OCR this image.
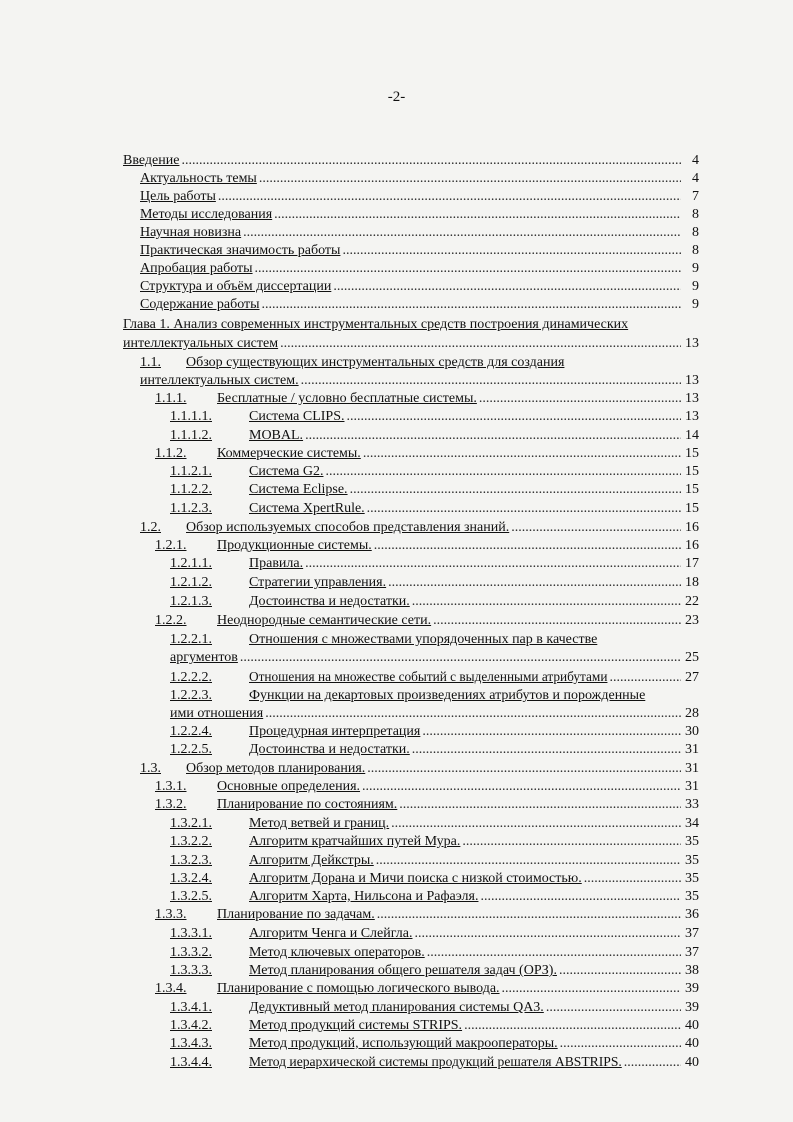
-2-
Введение .....	4
Актуальность темы .....	4
Цель работы .....	7
Методы исследования .....	8
Научная новизна .....	8
Практическая значимость работы .....	8
Апробация работы .....	9
Структура и объём диссертации .....	9
Содержание работы .....	9
Глава 1. Анализ современных инструментальных средств построения динамических
интеллектуальных систем .....	13
1.1.	Обзор существующих инструментальных средств для создания
интеллектуальных систем. .....	13
1.1.1.	Бесплатные / условно бесплатные системы. .....	13
1.1.1.1.	Система CLIPS. .....	13
1.1.1.2.	MOBAL. .....	14
1.1.2.	Коммерческие системы. .....	15
1.1.2.1.	Система G2. .....	15
1.1.2.2.	Система Eclipse. .....	15
1.1.2.3.	Система XpertRule. .....	15
1.2.	Обзор используемых способов представления знаний. .....	16
1.2.1.	Продукционные системы. .....	16
1.2.1.1.	Правила. .....	17
1.2.1.2.	Стратегии управления. .....	18
1.2.1.3.	Достоинства и недостатки. .....	22
1.2.2.	Неоднородные семантические сети. .....	23
1.2.2.1.	Отношения с множествами упорядоченных пар в качестве
аргументов .....	25
1.2.2.2.	Отношения на множестве событий с выделенными атрибутами .....	27
1.2.2.3.	Функции на декартовых произведениях атрибутов и порожденные
ими отношения .....	28
1.2.2.4.	Процедурная интерпретация .....	30
1.2.2.5.	Достоинства и недостатки. .....	31
1.3.	Обзор методов планирования. .....	31
1.3.1.	Основные определения. .....	31
1.3.2.	Планирование по состояниям. .....	33
1.3.2.1.	Метод ветвей и границ. .....	34
1.3.2.2.	Алгоритм кратчайших путей Мура. .....	35
1.3.2.3.	Алгоритм Дейкстры. .....	35
1.3.2.4.	Алгоритм Дорана и Мичи поиска с низкой стоимостью. .....	35
1.3.2.5.	Алгоритм Харта, Нильсона и Рафаэля. .....	35
1.3.3.	Планирование по задачам. .....	36
1.3.3.1.	Алгоритм Ченга и Слейгла. .....	37
1.3.3.2.	Метод ключевых операторов. .....	37
1.3.3.3.	Метод планирования общего решателя задач (ОРЗ). .....	38
1.3.4.	Планирование с помощью логического вывода. .....	39
1.3.4.1.	Дедуктивный метод планирования системы QA3. .....	39
1.3.4.2.	Метод продукций системы STRIPS. .....	40
1.3.4.3.	Метод продукций, использующий макрооператоры. .....	40
1.3.4.4.	Метод иерархической системы продукций решателя ABSTRIPS. .....	40
